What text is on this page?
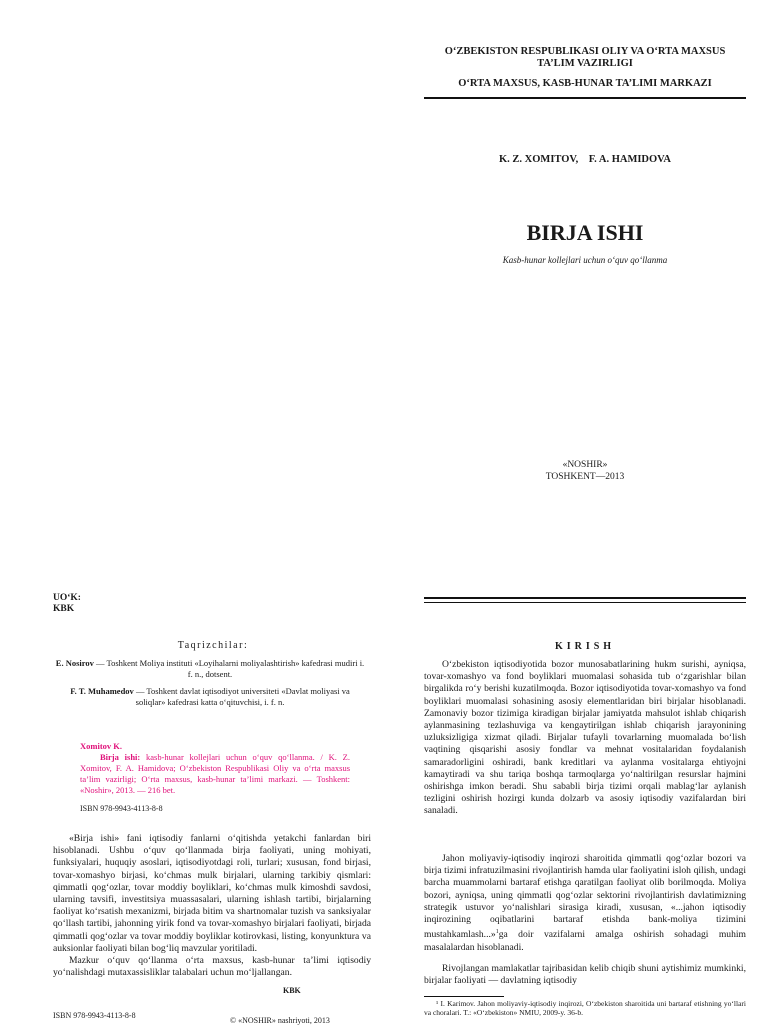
O‘ZBEKISTON RESPUBLIKASI OLIY VA O‘RTA MAXSUS
TA’LIM VAZIRLIGI
O‘RTA MAXSUS, KASB-HUNAR TA’LIMI MARKAZI
K. Z. XOMITOV,    F. A. HAMIDOVA
BIRJA ISHI
Kasb-hunar kollejlari uchun o‘quv qo‘llanma
«NOSHIR»
TOSHKENT—2013
UO‘K:
KBK
Taqrizchilar:
E. Nosirov — Toshkent Moliya instituti «Loyihalarni moliyalashtirish» kafedrasi mudiri i. f. n., dotsent.
F. T. Muhamedov — Toshkent davlat iqtisodiyot universiteti «Davlat moliyasi va soliqlar» kafedrasi katta o‘qituvchisi, i. f. n.
Xomitov K.
Birja ishi: kasb-hunar kollejlari uchun o‘quv qo‘llanma. / K. Z. Xomitov, F. A. Hamidova; O‘zbekiston Respublikasi Oliy va o‘rta maxsus ta’lim vazirligi; O‘rta maxsus, kasb-hunar ta’limi markazi. — Toshkent: «Noshir», 2013. — 216 bet.
ISBN 978-9943-4113-8-8
«Birja ishi» fani iqtisodiy fanlarni o‘qitishda yetakchi fanlardan biri hisoblanadi. Ushbu o‘quv qo‘llanmada birja faoliyati, uning mohiyati, funksiyalari, huquqiy asoslari, iqtisodiyotdagi roli, turlari; xususan, fond birjasi, tovar-xomashyo birjasi, ko‘chmas mulk birjalari, ularning tarkibiy qismlari: qimmatli qog‘ozlar, tovar moddiy boyliklari, ko‘chmas mulk kimoshdi savdosi, ularning tavsifi, investitsiya muassasalari, ularning ishlash tartibi, birjalarning faoliyat ko‘rsatish mexanizmi, birjada bitim va shartnomalar tuzish va sanksiyalar qo‘llash tartibi, jahonning yirik fond va tovar-xomashyo birjalari faoliyati, birjada qimmatli qog‘ozlar va tovar moddiy boyliklar kotirovkasi, listing, konyunktura va auksionlar faoliyati bilan bog‘liq mavzular yoritiladi.
Mazkur o‘quv qo‘llanma o‘rta maxsus, kasb-hunar ta’limi iqtisodiy yo‘nalishdagi mutaxassisliklar talabalari uchun mo‘ljallangan.
KBK
ISBN 978-9943-4113-8-8
© «NOSHIR» nashriyoti, 2013
KIRISH
O‘zbekiston iqtisodiyotida bozor munosabatlarining hukm surishi, ayniqsa, tovar-xomashyo va fond boyliklari muomalasi sohasida tub o‘zgarishlar bilan birgalikda ro‘y berishi kuzatilmoqda. Bozor iqtisodiyotida tovar-xomashyo va fond boyliklari muomalasi sohasining asosiy elementlaridan biri birjalar hisoblanadi. Zamonaviy bozor tizimiga kiradigan birjalar jamiyatda mahsulot ishlab chiqarish aylanmasining tezlashuviga va kengaytirilgan ishlab chiqarish jarayonining uzluksizligiga xizmat qiladi. Birjalar tufayli tovarlarning muomalada bo‘lish vaqtining qisqarishi asosiy fondlar va mehnat vositalaridan foydalanish samaradorligini oshiradi, bank kreditlari va aylanma vositalarga ehtiyojni kamaytiradi va shu tariqa boshqa tarmoqlarga yo‘naltirilgan resurslar hajmini oshirishga imkon beradi. Shu sababli birja tizimi orqali mablag‘lar aylanish tezligini oshirish hozirgi kunda dolzarb va asosiy iqtisodiy vazifalardan biri sanaladi.
Jahon moliyaviy-iqtisodiy inqirozi sharoitida qimmatli qog‘ozlar bozori va birja tizimi infratuzilmasini rivojlantirish hamda ular faoliyatini isloh qilish, undagi barcha muammolarni bartaraf etishga qaratilgan faoliyat olib borilmoqda. Moliya bozori, ayniqsa, uning qimmatli qog‘ozlar sektorini rivojlantirish davlatimizning strategik ustuvor yo‘nalishlari sirasiga kiradi, xususan, «...jahon iqtisodiy inqirozining oqibatlarini bartaraf etishda bank-moliya tizimini mustahkamlash...»$^1$ga doir vazifalarni amalga oshirish sohadagi muhim masalalardan hisoblanadi.
Rivojlangan mamlakatlar tajribasidan kelib chiqib shuni aytishimiz mumkinki, birjalar faoliyati — davlatning iqtisodiy
¹ I. Karimov. Jahon moliyaviy-iqtisodiy inqirozi, O‘zbekiston sharoitida uni bartaraf etishning yo‘llari va choralari. T.: «O‘zbekiston» NMIU, 2009-y. 36-b.
